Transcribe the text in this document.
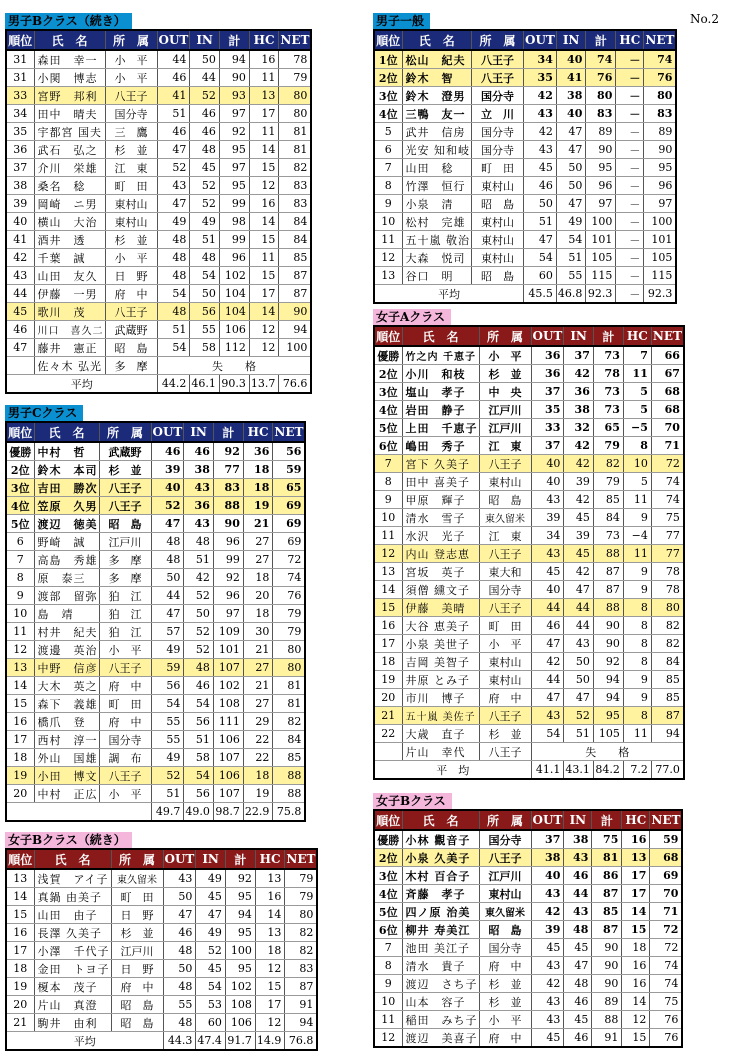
No.2
男子Bクラス（続き）
順位	氏　名	所　属	OUT	IN	計	HC	NET
31	森田　幸一	小　平	44	50	94	16	78
31	小関　博志	小　平	46	44	90	11	79
33	宮野　邦利	八王子	41	52	93	13	80
34	田中　晴夫	国分寺	51	46	97	17	80
35	宇都宮 国夫	三　鷹	46	46	92	11	81
36	武石　弘之	杉　並	47	48	95	14	81
37	介川　栄雄	江　東	52	45	97	15	82
38	桑名　稔	町　田	43	52	95	12	83
39	岡崎　ニ男	東村山	47	52	99	16	83
40	横山　大治	東村山	49	49	98	14	84
41	酒井　透	杉　並	48	51	99	15	84
42	千葉　誠	小　平	48	48	96	11	85
43	山田　友久	日　野	48	54	102	15	87
44	伊藤　一男	府　中	54	50	104	17	87
45	歌川　茂	八王子	48	56	104	14	90
46	川口　喜久二	武蔵野	51	55	106	12	94
47	藤井　憲正	昭　島	54	58	112	12	100
	佐々木 弘光	多　摩	失　　格				
平均			44.2	46.1	90.3	13.7	76.6
男子Cクラス
順位	氏　名	所　属	OUT	IN	計	HC	NET
優勝	中村　哲	武蔵野	46	46	92	36	56
2位	鈴木　本司	杉　並	39	38	77	18	59
3位	吉田　勝次	八王子	40	43	83	18	65
4位	笠原　久男	八王子	52	36	88	19	69
5位	渡辺　徳美	昭　島	47	43	90	21	69
6	野崎　誠	江戸川	48	48	96	27	69
7	高島　秀雄	多　摩	48	51	99	27	72
8	原　泰三	多　摩	50	42	92	18	74
9	渡部　留弥	狛　江	44	52	96	20	76
10	島　靖	狛　江	47	50	97	18	79
11	村井　紀夫	狛　江	57	52	109	30	79
12	渡邊　英治	小　平	49	52	101	21	80
13	中野　信彦	八王子	59	48	107	27	80
14	大木　英之	府　中	56	46	102	21	81
15	森下　義雄	町　田	54	54	108	27	81
16	橋爪　登	府　中	55	56	111	29	82
17	西村　淳一	国分寺	55	51	106	22	84
18	外山　国雄	調　布	49	58	107	22	85
19	小田　博文	八王子	52	54	106	18	88
20	中村　正広	小　平	51	56	107	19	88
			49.7	49.0	98.7	22.9	75.8
女子Bクラス（続き）
順位	氏　名	所　属	OUT	IN	計	HC	NET
13	浅賀　アイ子	東久留米	43	49	92	13	79
14	真鍋 由美子	町　田	50	45	95	16	79
15	山田　由子	日　野	47	47	94	14	80
16	長澤 久美子	杉　並	46	49	95	13	82
17	小澤　千代子	江戸川	48	52	100	18	82
18	金田　トヨ子	日　野	50	45	95	12	83
19	榎本　茂子	府　中	48	54	102	15	87
20	片山　真澄	昭　島	55	53	108	17	91
21	駒井　由利	昭　島	48	60	106	12	94
平均			44.3	47.4	91.7	14.9	76.8
男子一般
順位	氏　名	所　属	OUT	IN	計	HC	NET
1位	松山　紀夫	八王子	34	40	74	－	74
2位	鈴木　智	八王子	35	41	76	－	76
3位	鈴木　澄男	国分寺	42	38	80	－	80
4位	三鴨　友一	立　川	43	40	83	－	83
5	武井　信房	国分寺	42	47	89	－	89
6	光安 知和岐	国分寺	43	47	90	－	90
7	山田　稔	町　田	45	50	95	－	95
8	竹澤　恒行	東村山	46	50	96	－	96
9	小泉　清	昭　島	50	47	97	－	97
10	松村　完雄	東村山	51	49	100	－	100
11	五十嵐 敬治	東村山	47	54	101	－	101
12	大森　悦司	東村山	54	51	105	－	105
13	谷口　明	昭　島	60	55	115	－	115
平均			45.5	46.8	92.3	－	92.3
女子Aクラス
順位	氏　名	所　属	OUT	IN	計	HC	NET
優勝	竹之内 千恵子	小　平	36	37	73	7	66
2位	小川　和枝	杉　並	36	42	78	11	67
3位	塩山　孝子	中　央	37	36	73	5	68
4位	岩田　静子	江戸川	35	38	73	5	68
5位	上田　千恵子	江戸川	33	32	65	−5	70
6位	嶋田　秀子	江　東	37	42	79	8	71
7	宮下 久美子	八王子	40	42	82	10	72
8	田中 喜美子	東村山	40	39	79	5	74
9	甲原　輝子	昭　島	43	42	85	11	74
10	清水　雪子	東久留米	39	45	84	9	75
11	水沢　光子	江　東	34	39	73	−4	77
12	内山 登志恵	八王子	43	45	88	11	77
13	宮坂　英子	東大和	45	42	87	9	78
14	須僧 纁文子	国分寺	40	47	87	9	78
15	伊藤　美晴	八王子	44	44	88	8	80
16	大谷 恵美子	町　田	46	44	90	8	82
17	小泉 美世子	小　平	47	43	90	8	82
18	吉岡 美智子	東村山	42	50	92	8	84
19	井原 とみ子	東村山	44	50	94	9	85
20	市川　博子	府　中	47	47	94	9	85
21	五十嵐 美佐子	八王子	43	52	95	8	87
22	大歳　直子	杉　並	54	51	105	11	94
	片山　幸代	八王子	失　　格				
平　均			41.1	43.1	84.2	7.2	77.0
女子Bクラス
順位	氏　名	所　属	OUT	IN	計	HC	NET
優勝	小林 觀音子	国分寺	37	38	75	16	59
2位	小泉 久美子	八王子	38	43	81	13	68
3位	木村 百合子	江戸川	40	46	86	17	69
4位	斉藤　孝子	東村山	43	44	87	17	70
5位	四ノ原 治美	東久留米	42	43	85	14	71
6位	柳井 寿美江	昭　島	39	48	87	15	72
7	池田 美江子	国分寺	45	45	90	18	72
8	清水　貴子	府　中	43	47	90	16	74
9	渡辺　さち子	杉　並	42	48	90	16	74
10	山本　容子	杉　並	43	46	89	14	75
11	稲田　みち子	小　平	43	45	88	12	76
12	渡辺　美喜子	府　中	45	46	91	15	76
